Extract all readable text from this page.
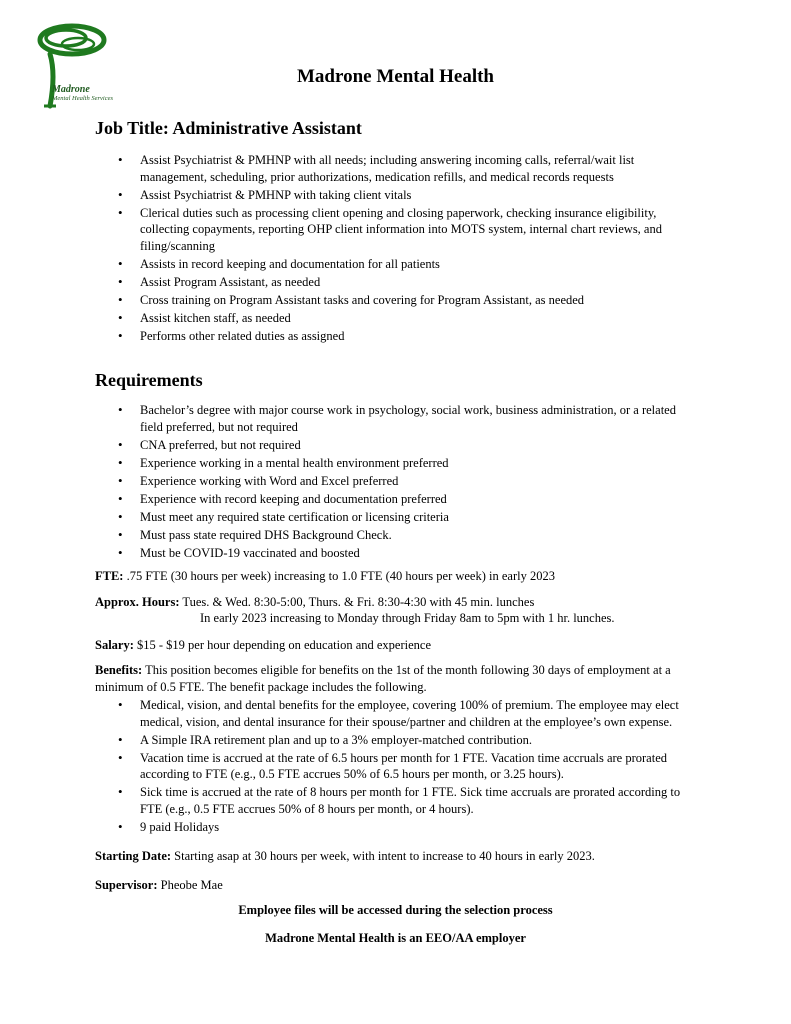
Madrone
Mental Health Services
Madrone Mental Health
Job Title: Administrative Assistant
• Assist Psychiatrist & PMHNP with all needs; including answering incoming calls, referral/wait list management, scheduling, prior authorizations, medication refills, and medical records requests
• Assist Psychiatrist & PMHNP with taking client vitals
• Clerical duties such as processing client opening and closing paperwork, checking insurance eligibility, collecting copayments, reporting OHP client information into MOTS system, internal chart reviews, and filing/scanning
• Assists in record keeping and documentation for all patients
• Assist Program Assistant, as needed
• Cross training on Program Assistant tasks and covering for Program Assistant, as needed
• Assist kitchen staff, as needed
• Performs other related duties as assigned
Requirements
• Bachelor’s degree with major course work in psychology, social work, business administration, or a related field preferred, but not required
• CNA preferred, but not required
• Experience working in a mental health environment preferred
• Experience working with Word and Excel preferred
• Experience with record keeping and documentation preferred
• Must meet any required state certification or licensing criteria
• Must pass state required DHS Background Check.
• Must be COVID-19 vaccinated and boosted
FTE: .75 FTE (30 hours per week) increasing to 1.0 FTE (40 hours per week) in early 2023
Approx. Hours: Tues. & Wed. 8:30-5:00, Thurs. & Fri. 8:30-4:30 with 45 min. lunches
In early 2023 increasing to Monday through Friday 8am to 5pm with 1 hr. lunches.
Salary: $15 - $19 per hour depending on education and experience
Benefits: This position becomes eligible for benefits on the 1st of the month following 30 days of employment at a minimum of 0.5 FTE. The benefit package includes the following.
• Medical, vision, and dental benefits for the employee, covering 100% of premium. The employee may elect medical, vision, and dental insurance for their spouse/partner and children at the employee’s own expense.
• A Simple IRA retirement plan and up to a 3% employer-matched contribution.
• Vacation time is accrued at the rate of 6.5 hours per month for 1 FTE. Vacation time accruals are prorated according to FTE (e.g., 0.5 FTE accrues 50% of 6.5 hours per month, or 3.25 hours).
• Sick time is accrued at the rate of 8 hours per month for 1 FTE. Sick time accruals are prorated according to FTE (e.g., 0.5 FTE accrues 50% of 8 hours per month, or 4 hours).
• 9 paid Holidays
Starting Date: Starting asap at 30 hours per week, with intent to increase to 40 hours in early 2023.
Supervisor: Pheobe Mae
Employee files will be accessed during the selection process
Madrone Mental Health is an EEO/AA employer
